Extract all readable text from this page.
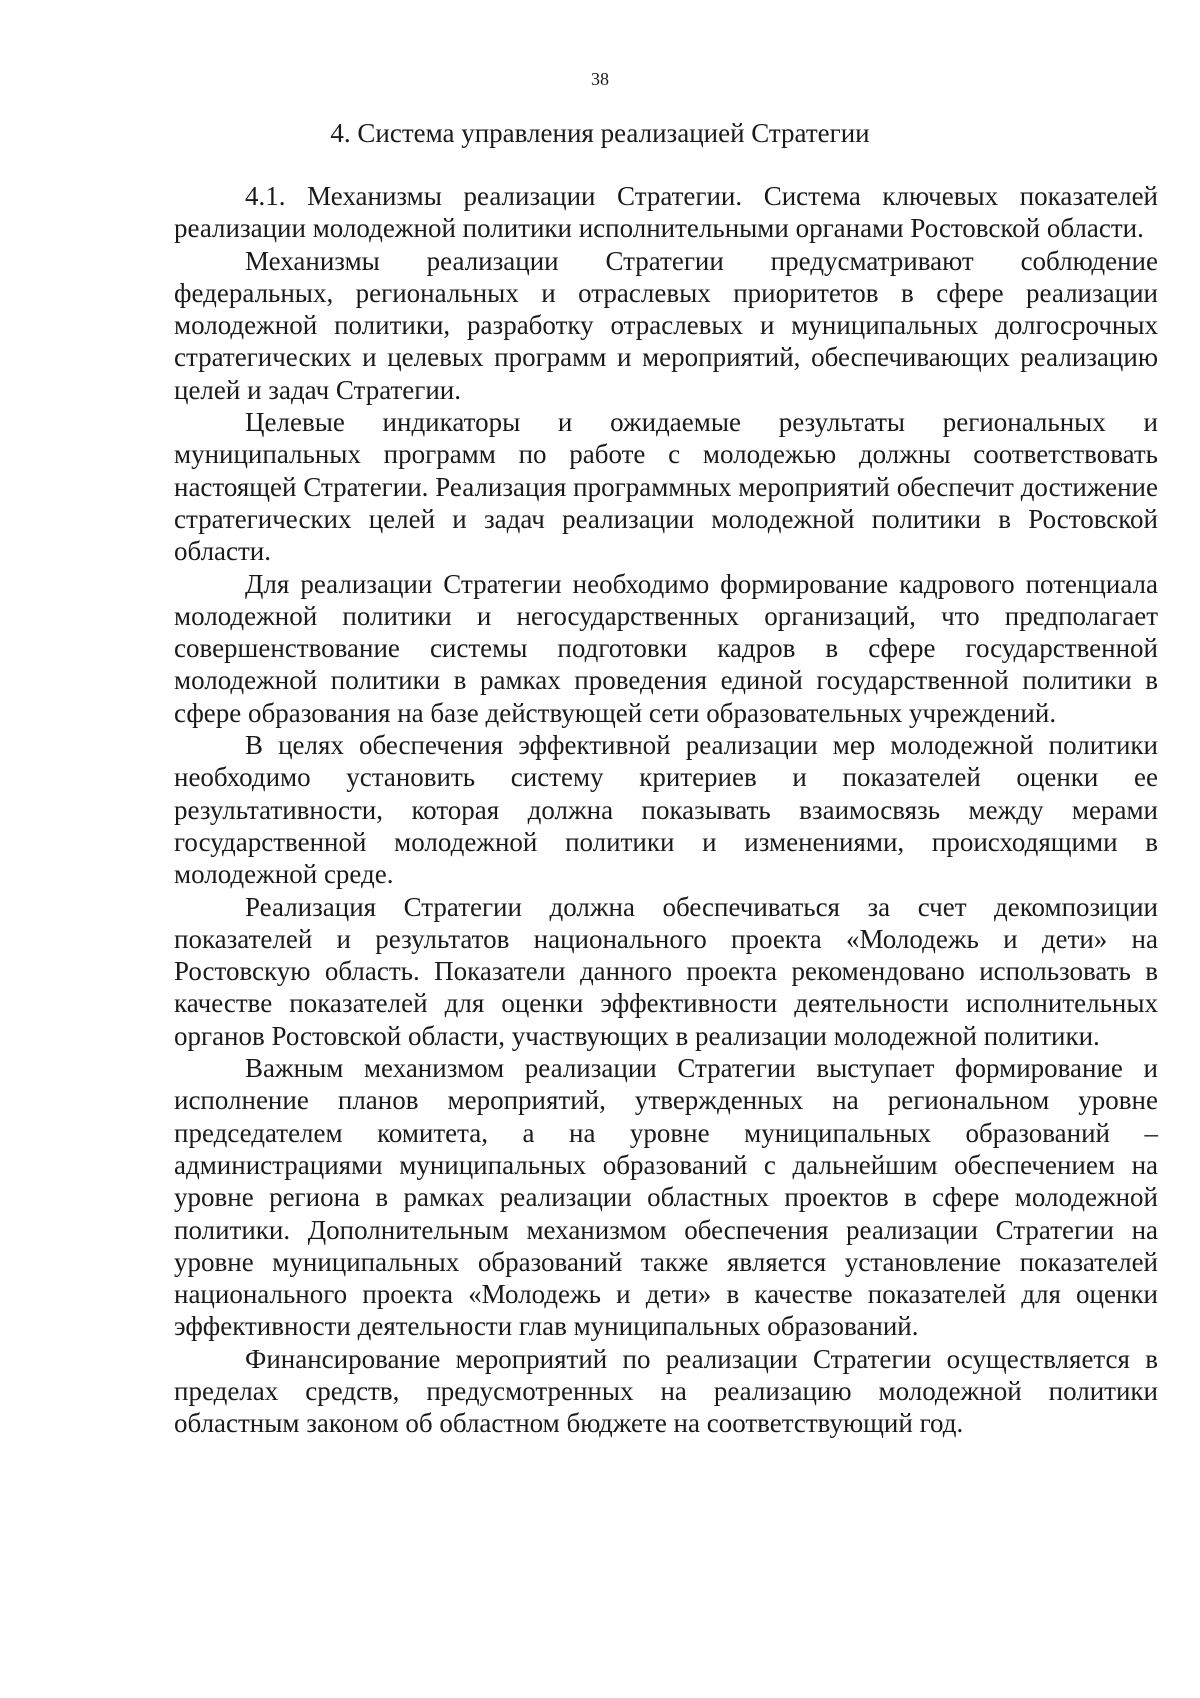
38
4. Система управления реализацией Стратегии

4.1. Механизмы реализации Стратегии. Система ключевых показателей реализации молодежной политики исполнительными органами Ростовской области.

Механизмы реализации Стратегии предусматривают соблюдение федеральных, региональных и отраслевых приоритетов в сфере реализации молодежной политики, разработку отраслевых и муниципальных долгосрочных стратегических и целевых программ и мероприятий, обеспечивающих реализацию целей и задач Стратегии.

Целевые индикаторы и ожидаемые результаты региональных и муниципальных программ по работе с молодежью должны соответствовать настоящей Стратегии. Реализация программных мероприятий обеспечит достижение стратегических целей и задач реализации молодежной политики в Ростовской области.

Для реализации Стратегии необходимо формирование кадрового потенциала молодежной политики и негосударственных организаций, что предполагает совершенствование системы подготовки кадров в сфере государственной молодежной политики в рамках проведения единой государственной политики в сфере образования на базе действующей сети образовательных учреждений.

В целях обеспечения эффективной реализации мер молодежной политики необходимо установить систему критериев и показателей оценки ее результативности, которая должна показывать взаимосвязь между мерами государственной молодежной политики и изменениями, происходящими в молодежной среде.

Реализация Стратегии должна обеспечиваться за счет декомпозиции показателей и результатов национального проекта «Молодежь и дети» на Ростовскую область. Показатели данного проекта рекомендовано использовать в качестве показателей для оценки эффективности деятельности исполнительных органов Ростовской области, участвующих в реализации молодежной политики.

Важным механизмом реализации Стратегии выступает формирование и исполнение планов мероприятий, утвержденных на региональном уровне председателем комитета, а на уровне муниципальных образований – администрациями муниципальных образований с дальнейшим обеспечением на уровне региона в рамках реализации областных проектов в сфере молодежной политики. Дополнительным механизмом обеспечения реализации Стратегии на уровне муниципальных образований также является установление показателей национального проекта «Молодежь и дети» в качестве показателей для оценки эффективности деятельности глав муниципальных образований.

Финансирование мероприятий по реализации Стратегии осуществляется в пределах средств, предусмотренных на реализацию молодежной политики областным законом об областном бюджете на соответствующий год.
